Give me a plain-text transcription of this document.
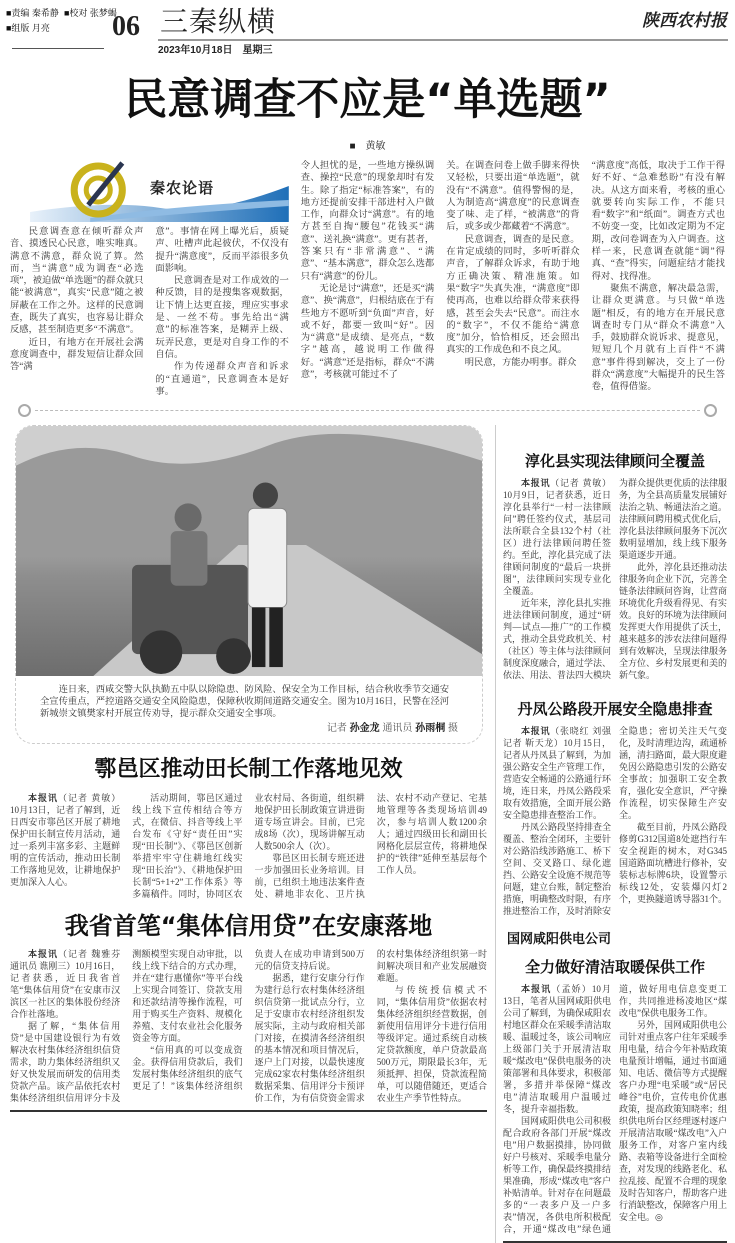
■责编 秦希静 ■校对 张梦蝎
■组版 月亮	06 三秦纵横
2023年10月18日　星期三
陕西农村报
民意调查不应是“单选题”
■　黄敏
秦农论语

民意调查意在倾听群众声音、摸透民心民意，唯实唯真。满意不满意，群众说了算。然而，当“满意”成为调查“必选项”，被迫做“单选题”的群众就只能“被满意”，真实“民意”随之被屏蔽在工作之外。这样的民意调查，既失了真实，也容易让群众反感，甚至制造更多“不满意”。

近日，有地方在开展社会满意度调查中，群发短信让群众回答“满

意”。事情在网上曝光后，质疑声、吐槽声此起彼伏，不仅没有提升“满意度”，反而平添很多负面影响。

民意调查是对工作成效的一种反馈，目的是搜集客观数据，让下情上达更直接，理应实事求是、一丝不苟。事先给出“满意”的标准答案，是糊弄上级、玩弄民意，更是对自身工作的不自信。

作为传递群众声音和诉求的“直通道”，民意调查本是好事。

令人担忧的是，一些地方操纵调查、操控“民意”的现象却时有发生。除了指定“标准答案”，有的地方还提前安排干部进村入户做工作，向群众讨“满意”。有的地方甚至自掏“腰包”花钱买“满意”、送礼换“满意”。更有甚者，答案只有“非常满意”、“满意”、“基本满意”，群众怎么选都只有“满意”的份儿。

无论是讨“满意”，还是买“满意”、换“满意”，归根结底在于有些地方不愿听到“负面”声音，好或不好，都要一致叫“好”。因为“满意”是成绩、是亮点，“数字”越高，越说明工作做得好。“满意”还是指标，群众“不满意”，考核就可能过不了

关。在调查问卷上做手脚来得快又轻松，只要出道“单选题”，就没有“不满意”。值得警惕的是，人为制造高“满意度”的民意调查变了味、走了样，“被满意”的背后，或多或少都藏着“不满意”。

民意调查，调查的是民意。在肯定成绩的同时，多听听群众声音，了解群众诉求，有助于地方正确决策、精准施策。如果“数字”失真失准，“满意度”即使再高，也难以给群众带来获得感，甚至会失去“民意”。而注水的“数字”，不仅不能给“满意度”加分，恰恰相反，还会照出真实的工作成色和不良之风。

明民意，方能办明事。群众

“满意度”高低，取决于工作干得好不好、“急难愁盼”有没有解决。从这方面来看，考核的重心就要转向实际工作，不能只看“数字”和“纸面”。调查方式也不妨变一变，比如改定期为不定期，改问卷调查为入户调查。这样一来，民意调查就能“调”得真、“查”得实，问题症结才能找得对、找得准。

聚焦不满意，解决最急需，让群众更满意。与只做“单选题”相反，有的地方在开展民意调查时专门从“群众不满意”入手，鼓励群众说诉求、提意见，短短几个月就有上百件“不满意”事件得到解决，交上了一份群众“满意度”大幅提升的民生答卷，值得借鉴。

连日来，西咸交警大队执勤五中队以除隐患、防风险、保安全为工作目标，结合秋收季节交通安全宣传重点，严控道路交通安全风险隐患，保障秋收期间道路交通安全。图为10月16日，民警在泾河新城崇文镇樊家村开展宣传劝导，提示群众交通安全事项。
记者 孙金龙 通讯员 孙雨桐 摄
鄠邑区推动田长制工作落地见效

本报讯（记者 黄敏）10月13日，记者了解到，近日西安市鄠邑区开展了耕地保护田长制宣传月活动，通过一系列丰富多彩、主题鲜明的宣传活动，推动田长制工作落地见效，让耕地保护更加深入人心。

活动期间，鄠邑区通过线上线下宣传相结合等方式，在微信、抖音等线上平台发布《守好“责任田”实现“田长制”》、《鄠邑区创新举措牢牢守住耕地红线实现“田长治”》、《耕地保护田长制“5+1+2”工作体系》等多篇稿件。同时，协同区农业农村局、各街道，组织耕地保护田长制政策宣讲进街道专场宣讲会。目前，已完成8场（次），现场讲解互动人数500余人（次）。

鄠邑区田长制专班还进一步加强田长业务培训。目前，已组织土地违法案件查处、耕地非农化、卫片执法、农村不动产登记、宅基地管理等各类现场培训49次，参与培训人数1200余人；通过四级田长和副田长网格化层层宣传，将耕地保护的“铁律”延伸至基层每个工作人员。

我省首笔“集体信用贷”在安康落地

本报讯（记者 魏雅芬 通讯员 谯刚三）10月16日，记者获悉，近日我省首笔“集体信用贷”在安康市汉滨区一社区的集体股份经济合作社落地。

据了解，“集体信用贷”是中国建设银行为有效解决农村集体经济组织信贷需求，助力集体经济组织又好又快发展而研发的信用类贷款产品。该产品依托农村集体经济组织信用评分卡及测额模型实现自动审批，以线上线下结合的方式办理，并在“建行惠懂你”等平台线上实现合同签订、贷款支用和还款结清等操作流程，可用于购买生产资料、规模化养殖、支付农业社会化服务资金等方面。

“信用真的可以变成资金。获得信用贷款后，我们发展村集体经济组织的底气更足了！”该集体经济组织负责人在成功申请到500万元的信贷支持后说。

据悉，建行安康分行作为建行总行农村集体经济组织信贷第一批试点分行，立足于安康市农村经济组织发展实际，主动与政府相关部门对接，在摸清各经济组织的基本情况和项目情况后，逐户上门对接，以最快速度完成62家农村集体经济组织数据采集、信用评分卡预评价工作，为有信贷资金需求的农村集体经济组织第一时间解决项目和产业发展融资难题。

与传统授信模式不同，“集体信用贷”依据农村集体经济组织经营数据，创新使用信用评分卡进行信用等级评定。通过系统自动核定贷款额度，单户贷款最高500万元，期限最长3年，无须抵押、担保，贷款流程简单，可以随借随还，更适合农业生产季节性特点。

淳化县实现法律顾问全覆盖

本报讯（记者 黄敏）10月9日，记者获悉，近日淳化县举行“一村一法律顾问”聘任签约仪式，基层司法所联合全县132个村（社区）进行法律顾问聘任签约。至此，淳化县完成了法律顾问制度的“最后一块拼图”，法律顾问实现专业化全覆盖。

近年来，淳化县扎实推进法律顾问制度，通过“研判—试点—推广”的工作模式，推动全县党政机关、村（社区）等主体与法律顾问制度深度融合，通过学法、依法、用法、普法四大模块为群众提供更优质的法律服务，为全县高质量发展铺好法治之轨、畅通法治之道。法律顾问聘用模式优化后，淳化县法律顾问服务下沉次数明显增加，线上线下服务渠道逐步开通。

此外，淳化县还推动法律服务向企业下沉，完善全链条法律顾问咨询，让营商环境优化升级看得见、有实效。良好的环境为法律顾问发挥更大作用提供了沃土，越来越多的涉农法律问题得到有效解决，呈现法律服务全方位、乡村发展更和美的新气象。

丹凤公路段开展安全隐患排查

本报讯（张晓红 刘强 记者 靳天龙）10月15日，记者从丹凤县了解到，为加强公路安全生产管理工作，营造安全畅通的公路通行环境，连日来，丹凤公路段采取有效措施，全面开展公路安全隐患排查整治工作。

丹凤公路段坚持排查全覆盖、整治全闭环，主要针对公路沿线涉路施工、桥下空间、交叉路口、绿化遮挡、公路安全设施不规范等问题，建立台账，制定整治措施，明确整改时限，有序推进整治工作，及时消除安全隐患；密切关注天气变化，及时清理边沟，疏通桥涵，清扫路面，最大限度避免因公路隐患引发的公路安全事故；加强职工安全教育，强化安全意识，严守操作流程，切实保障生产安全。

截至目前，丹凤公路段修剪G312国道8处遮挡行车安全视距的树木，对G345国道路面坑槽进行修补，安装标志标牌6块，设置警示标线12处，安装爆闪灯2个，更换隧道诱导器31个。

国网咸阳供电公司
全力做好清洁取暖保供工作

本报讯（孟娇）10月13日，笔者从国网咸阳供电公司了解到，为确保咸阳农村地区群众在采暖季清洁取暖、温暖过冬，该公司响应上级部门关于开展清洁取暖“煤改电”保供电服务的决策部署和具体要求，积极部署，多措并举保障“煤改电”清洁取暖用户温暖过冬，提升幸福指数。

国网咸阳供电公司积极配合政府各部门开展“煤改电”用户数据摸排，协同做好户号核对、采暖季电量分析等工作，确保最终摸排结果准确，形成“煤改电”客户补贴清单。针对存在问题最多的“一表多户及一户多表”情况，各供电所积极配合，开通“煤改电”绿色通道，做好用电信息变更工作，共同推进杨凌地区“煤改电”保供电服务工作。

另外，国网咸阳供电公司针对重点客户往年采暖季用电量，结合今年补贴政策电量预计增幅，通过书面通知、电话、微信等方式提醒客户办理“电采暖”或“居民峰谷”电价，宣传电价优惠政策，提高政策知晓率；组织供电所台区经理逐村逐户开展清洁取暖“煤改电”入户服务工作，对客户室内线路、表箱等设备进行全面检查，对发现的线路老化、私拉乱接、配置不合理的现象及时告知客户，帮助客户进行消缺整改，保障客户用上安全电。◎
